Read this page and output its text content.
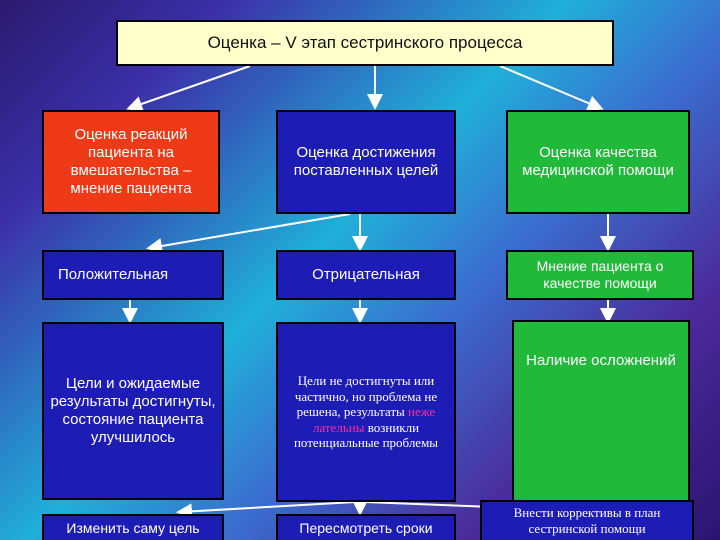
Оценка – V этап сестринского процесса
Оценка реакций пациента на вмешательства – мнение пациента
Оценка достижения поставленных целей
Оценка качества медицинской помощи
Положительная	Отрицательная	Мнение пациента о качестве помощи
Цели и ожидаемые результаты достигнуты, состояние пациента улучшилось
Цели не достигнуты или частично, но проблема не решена, результаты неже лательны возникли потенциальные проблемы
Наличие осложнений
Изменить саму цель	Пересмотреть сроки
Внести коррективы в план сестринской помощи
